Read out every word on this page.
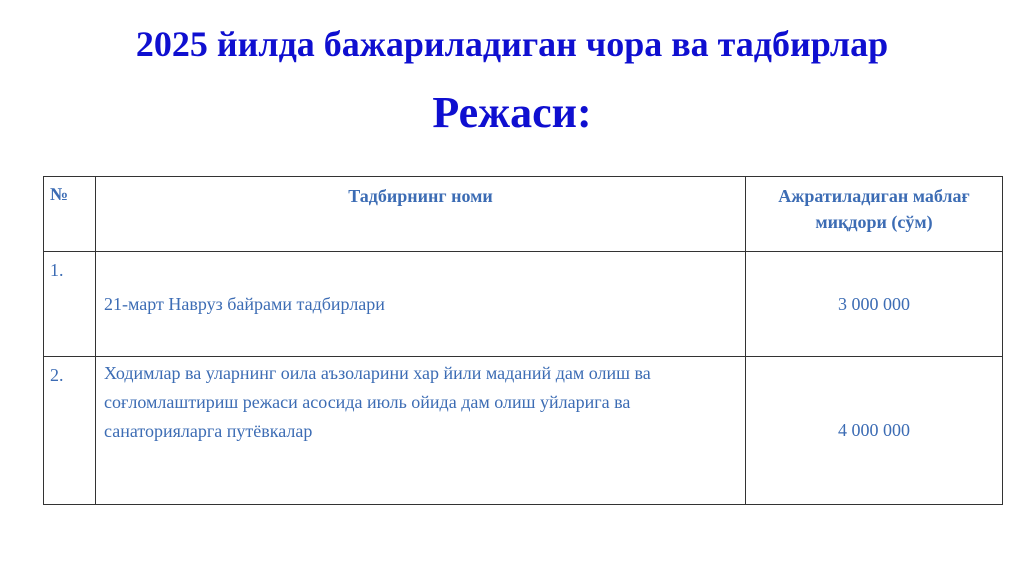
2025 йилда бажариладиган чора ва тадбирлар
Режаси:
№	Тадбирнинг номи	Ажратиладиган маблағ миқдори (сўм)
1.	21-март Навруз байрами тадбирлари	3 000 000
2.	Ходимлар ва уларнинг оила аъзоларини хар йили маданий дам олиш ва соғломлаштириш режаси асосида июль ойида дам олиш уйларига ва санаторияларга путёвкалар	4 000 000
